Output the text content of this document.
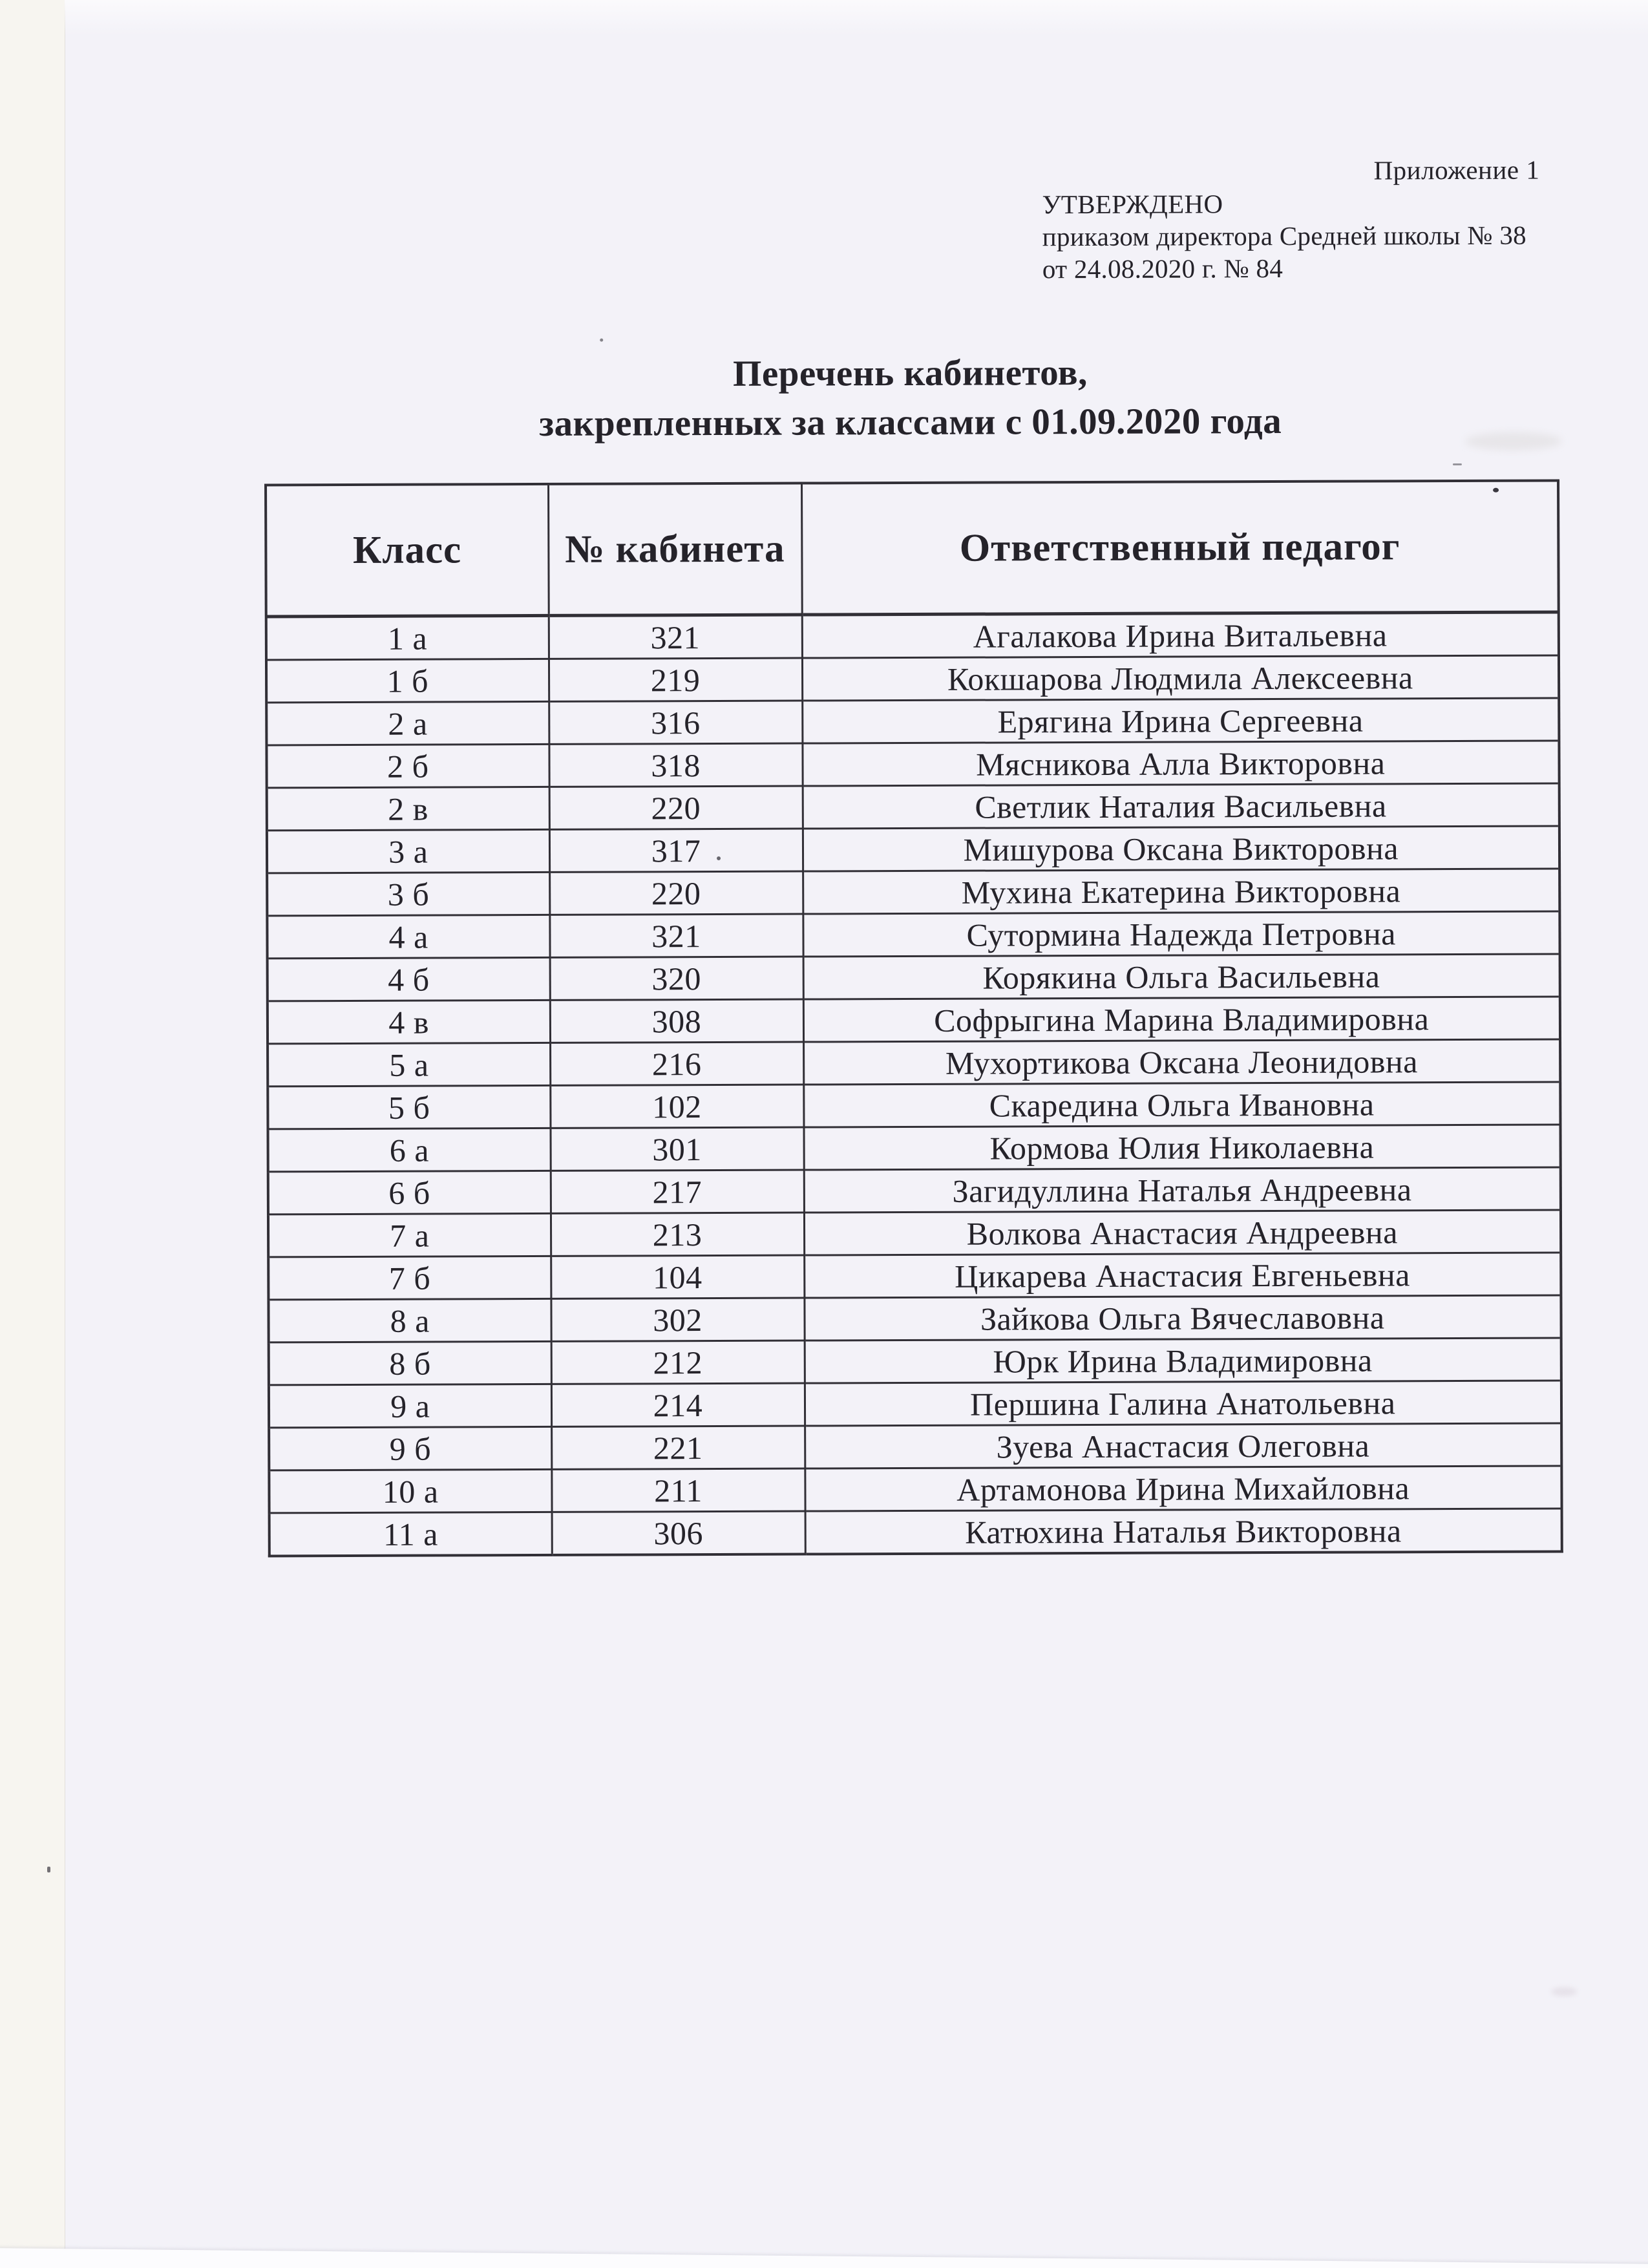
Приложение 1
УТВЕРЖДЕНО
приказом директора Средней школы № 38
от 24.08.2020 г. № 84
Перечень кабинетов,
закрепленных за классами с 01.09.2020 года
Класс	№ кабинета	Ответственный педагог
1 а	321	Агалакова Ирина Витальевна
1 б	219	Кокшарова Людмила Алексеевна
2 а	316	Ерягина Ирина Сергеевна
2 б	318	Мясникова Алла Викторовна
2 в	220	Светлик Наталия Васильевна
3 а	317	Мишурова Оксана Викторовна
3 б	220	Мухина Екатерина Викторовна
4 а	321	Сутормина Надежда Петровна
4 б	320	Корякина Ольга Васильевна
4 в	308	Софрыгина Марина Владимировна
5 а	216	Мухортикова Оксана Леонидовна
5 б	102	Скаредина Ольга Ивановна
6 а	301	Кормова Юлия Николаевна
6 б	217	Загидуллина Наталья Андреевна
7 а	213	Волкова Анастасия Андреевна
7 б	104	Цикарева Анастасия Евгеньевна
8 а	302	Зайкова Ольга Вячеславовна
8 б	212	Юрк Ирина Владимировна
9 а	214	Першина Галина Анатольевна
9 б	221	Зуева Анастасия Олеговна
10 а	211	Артамонова Ирина Михайловна
11 а	306	Катюхина Наталья Викторовна
